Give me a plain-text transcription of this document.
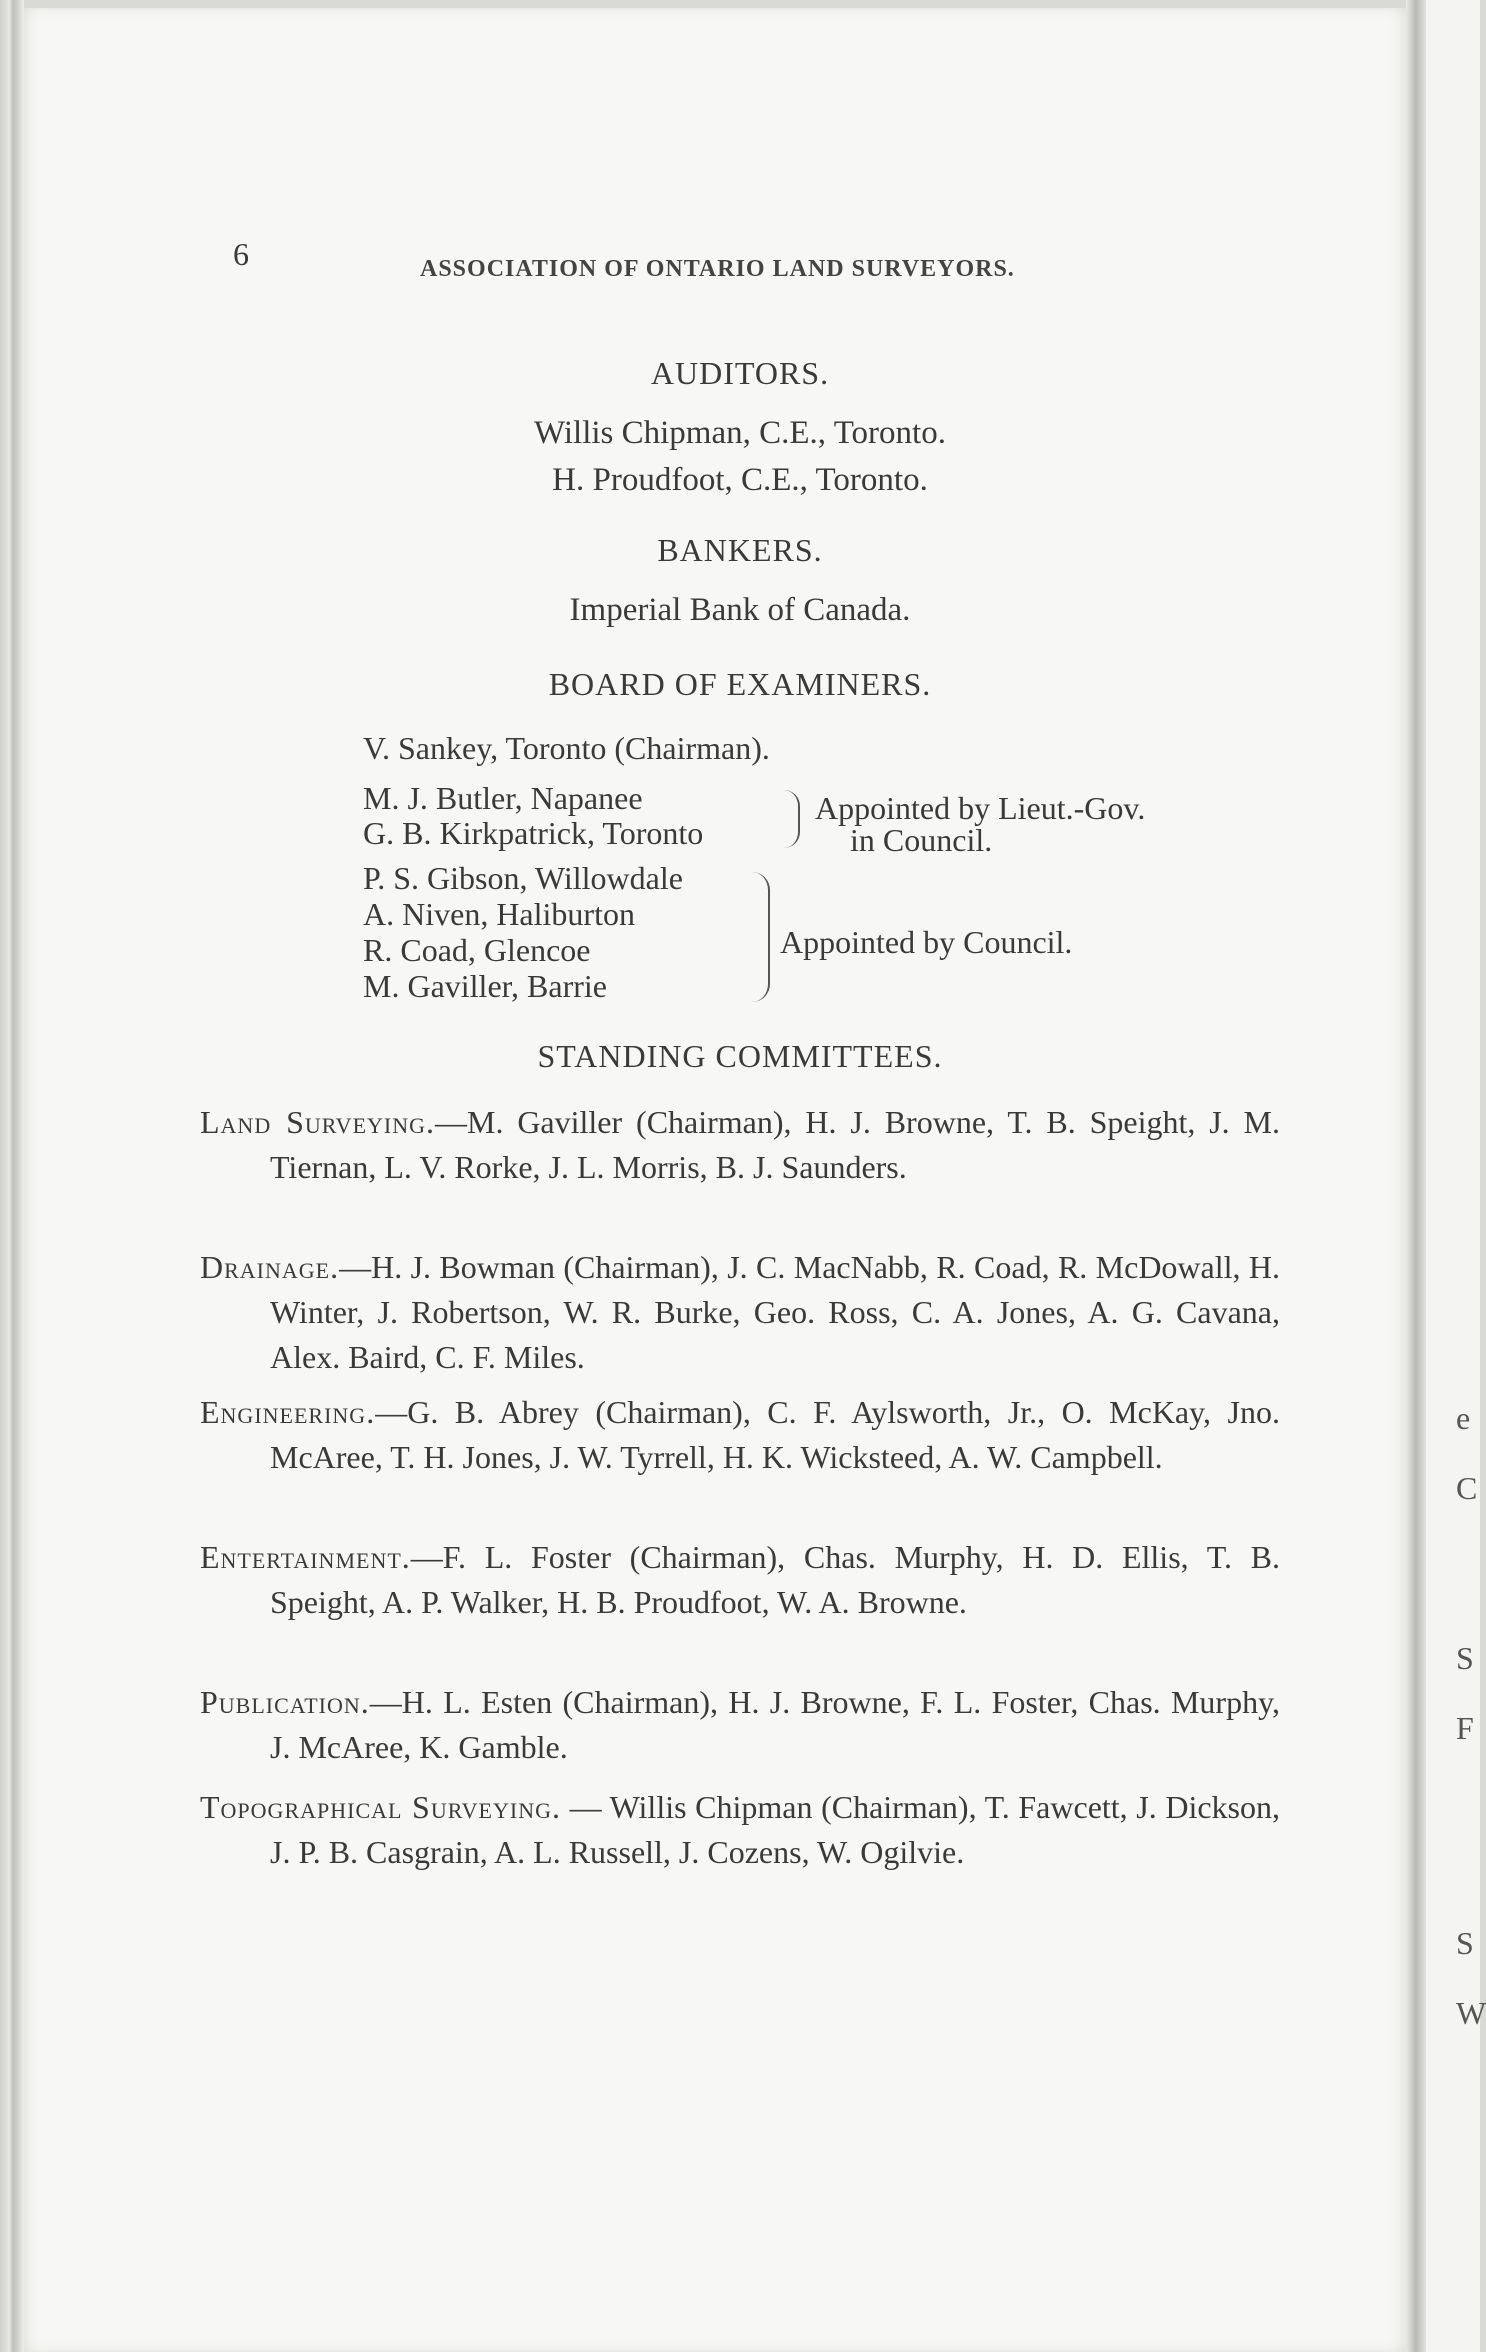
e
C
S
F
S
W
6	ASSOCIATION OF ONTARIO LAND SURVEYORS.
AUDITORS.
Willis Chipman, C.E., Toronto.
H. Proudfoot, C.E., Toronto.
BANKERS.
Imperial Bank of Canada.
BOARD OF EXAMINERS.
V. Sankey, Toronto (Chairman).
M. J. Butler, Napanee
G. B. Kirkpatrick, Toronto
Appointed by Lieut.-Gov.
in Council.
P. S. Gibson, Willowdale
A. Niven, Haliburton
R. Coad, Glencoe
M. Gaviller, Barrie
Appointed by Council.
STANDING COMMITTEES.

Land Surveying.—M. Gaviller (Chairman), H. J. Browne, T. B. Speight, J. M. Tiernan, L. V. Rorke, J. L. Morris, B. J. Saunders.

Drainage.—H. J. Bowman (Chairman), J. C. MacNabb, R. Coad, R. McDowall, H. Winter, J. Robertson, W. R. Burke, Geo. Ross, C. A. Jones, A. G. Cavana, Alex. Baird, C. F. Miles.

Engineering.—G. B. Abrey (Chairman), C. F. Aylsworth, Jr., O. McKay, Jno. McAree, T. H. Jones, J. W. Tyrrell, H. K. Wicksteed, A. W. Campbell.

Entertainment.—F. L. Foster (Chairman), Chas. Murphy, H. D. Ellis, T. B. Speight, A. P. Walker, H. B. Proudfoot, W. A. Browne.

Publication.—H. L. Esten (Chairman), H. J. Browne, F. L. Foster, Chas. Murphy, J. McAree, K. Gamble.

Topographical Surveying. — Willis Chipman (Chairman), T. Fawcett, J. Dickson, J. P. B. Casgrain, A. L. Russell, J. Cozens, W. Ogilvie.
